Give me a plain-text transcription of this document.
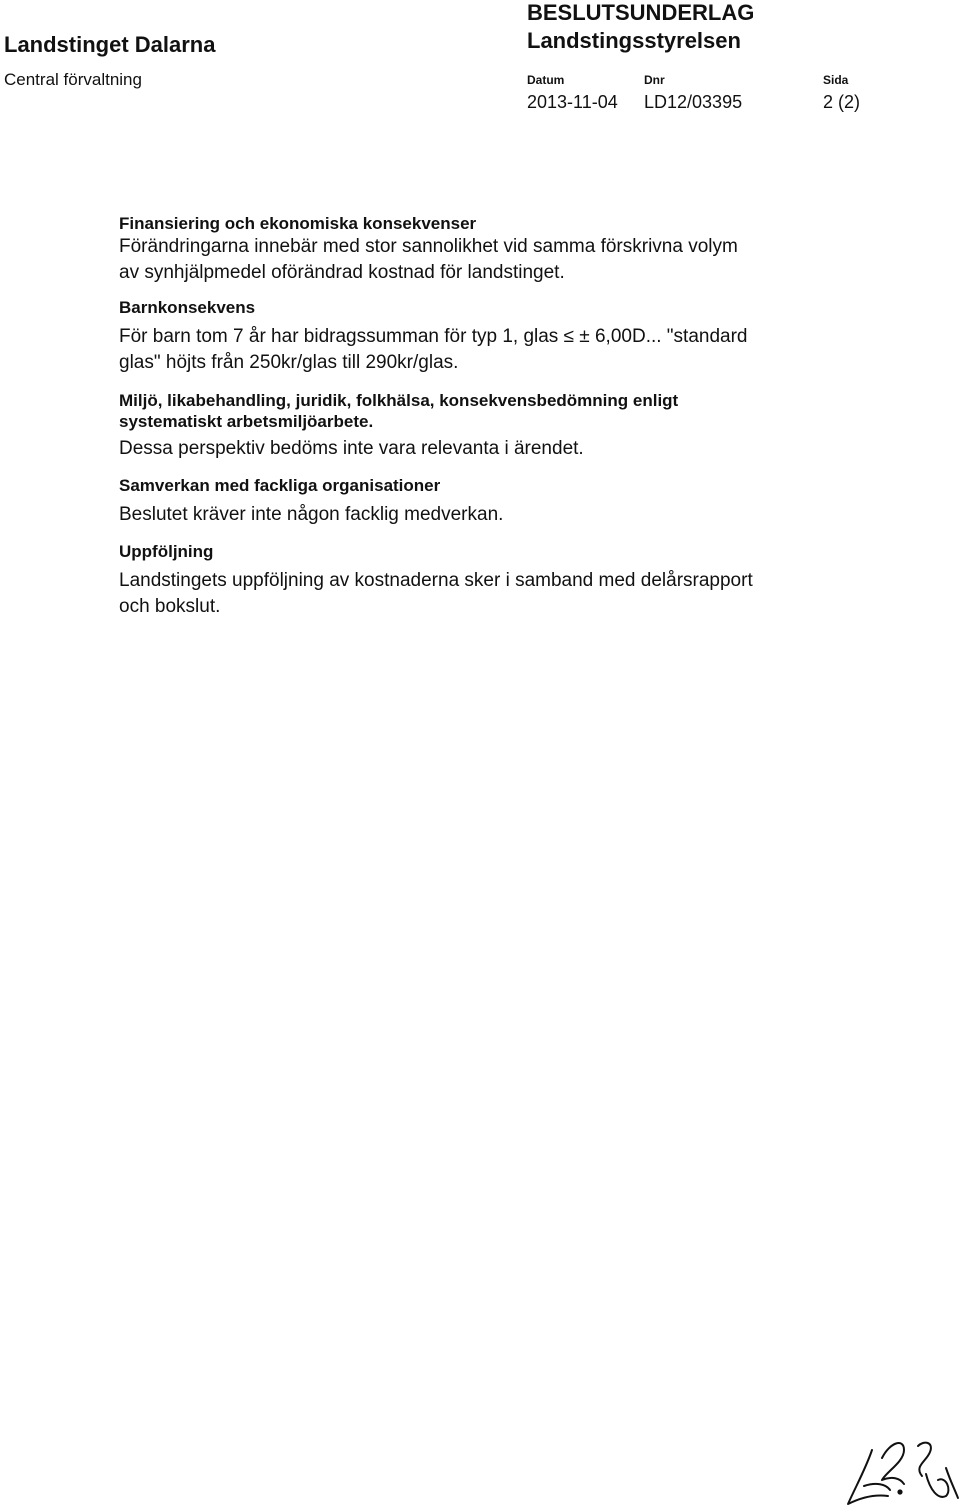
Landstinget Dalarna
Central förvaltning
BESLUTSUNDERLAG
Landstingsstyrelsen
Datum	Dnr	Sida
2013-11-04 LD12/03395	2 (2)

Finansiering och ekonomiska konsekvenser

Förändringarna innebär med stor sannolikhet vid samma förskrivna volym
av synhjälpmedel oförändrad kostnad för landstinget.

Barnkonsekvens

För barn tom 7 år har bidragssumman för typ 1, glas ≤ ± 6,00D... "standard
glas" höjts från 250kr/glas till 290kr/glas.

Miljö, likabehandling, juridik, folkhälsa, konsekvensbedömning enligt
systematiskt arbetsmiljöarbete.

Dessa perspektiv bedöms inte vara relevanta i ärendet.

Samverkan med fackliga organisationer

Beslutet kräver inte någon facklig medverkan.

Uppföljning

Landstingets uppföljning av kostnaderna sker i samband med delårsrapport
och bokslut.
